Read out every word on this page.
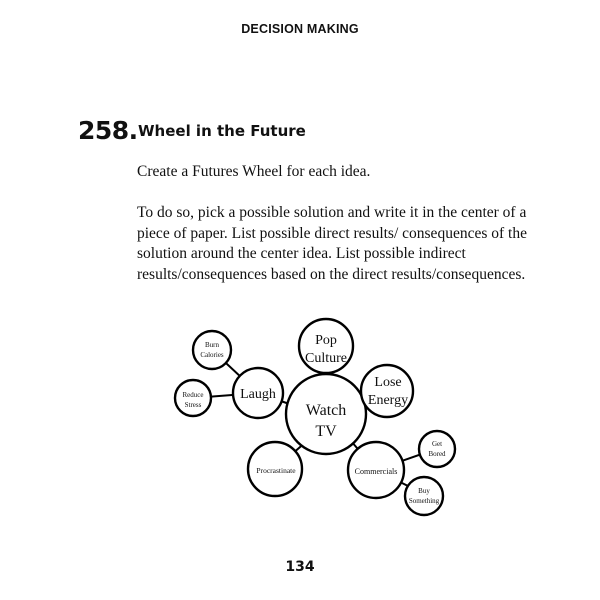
DECISION MAKING
258. Wheel in the Future

Create a Futures Wheel for each idea.

To do so, pick a possible solution and write it in the center of a piece of paper. List possible direct results/ consequences of the solution around the center idea. List possible indirect results/consequences based on the direct results/consequences.

Watch
TV
Laugh
Pop
Culture
Lose
Energy
Commercials
Procrastinate
Burn
Calories
Reduce
Stress
Get
Bored
Buy
Something
134
